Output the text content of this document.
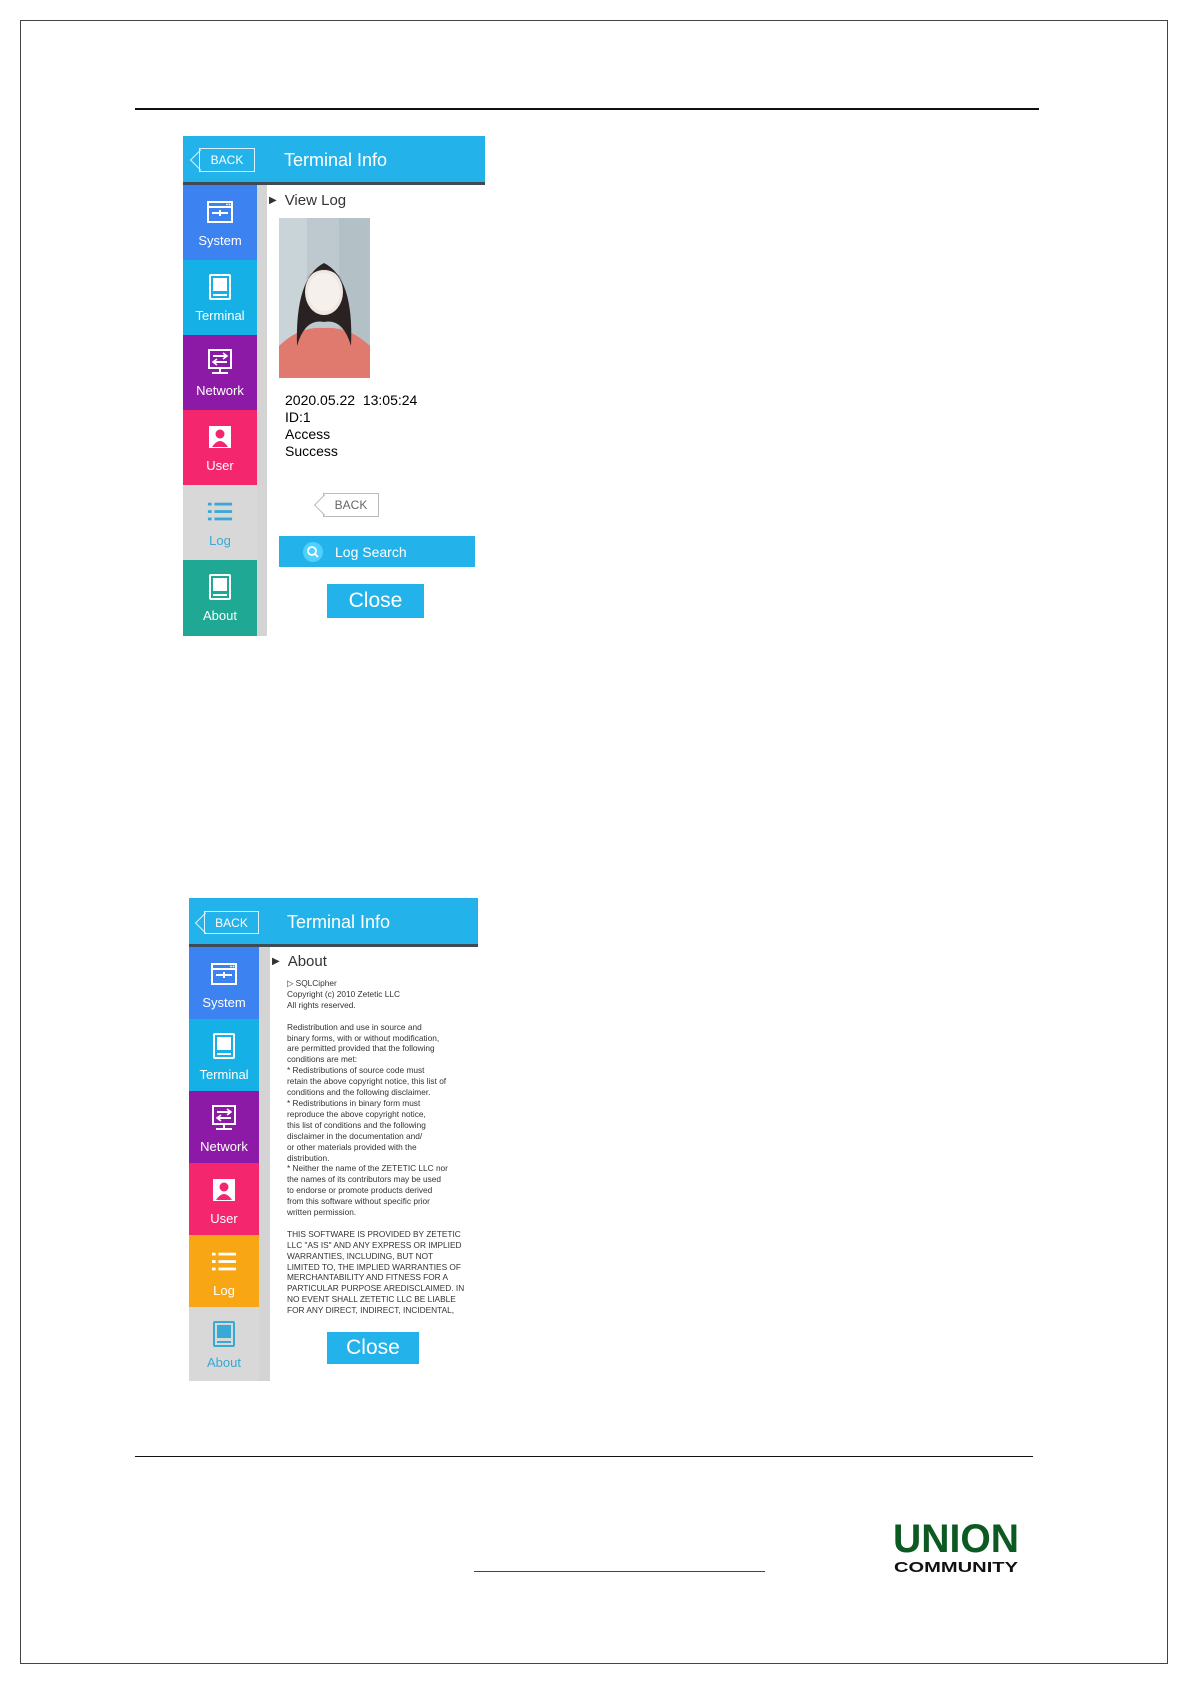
BACK	Terminal Info
System
Terminal
Network
User
Log
About
▶ View Log
2020.05.22  13:05:24
ID:1
Access
Success
BACK
Log Search
Close
BACK	Terminal Info
System
Terminal
Network
User
Log
About
▶ About
▷ SQLCipher
Copyright (c) 2010 Zetetic LLC
All rights reserved.

Redistribution and use in source and
binary forms, with or without modification,
are permitted provided that the following
conditions are met:
* Redistributions of source code must
retain the above copyright notice, this list of
conditions and the following disclaimer.
* Redistributions in binary form must
reproduce the above copyright notice,
this list of conditions and the following
disclaimer in the documentation and/
or other materials provided with the
distribution.
* Neither the name of the ZETETIC LLC nor
the names of its contributors may be used
to endorse or promote products derived
from this software without specific prior
written permission.

THIS SOFTWARE IS PROVIDED BY ZETETIC
LLC "AS IS" AND ANY EXPRESS OR IMPLIED
WARRANTIES, INCLUDING, BUT NOT
LIMITED TO, THE IMPLIED WARRANTIES OF
MERCHANTABILITY AND FITNESS FOR A
PARTICULAR PURPOSE AREDISCLAIMED. IN
NO EVENT SHALL ZETETIC LLC BE LIABLE
FOR ANY DIRECT, INDIRECT, INCIDENTAL,
Close
UNION
COMMUNITY
